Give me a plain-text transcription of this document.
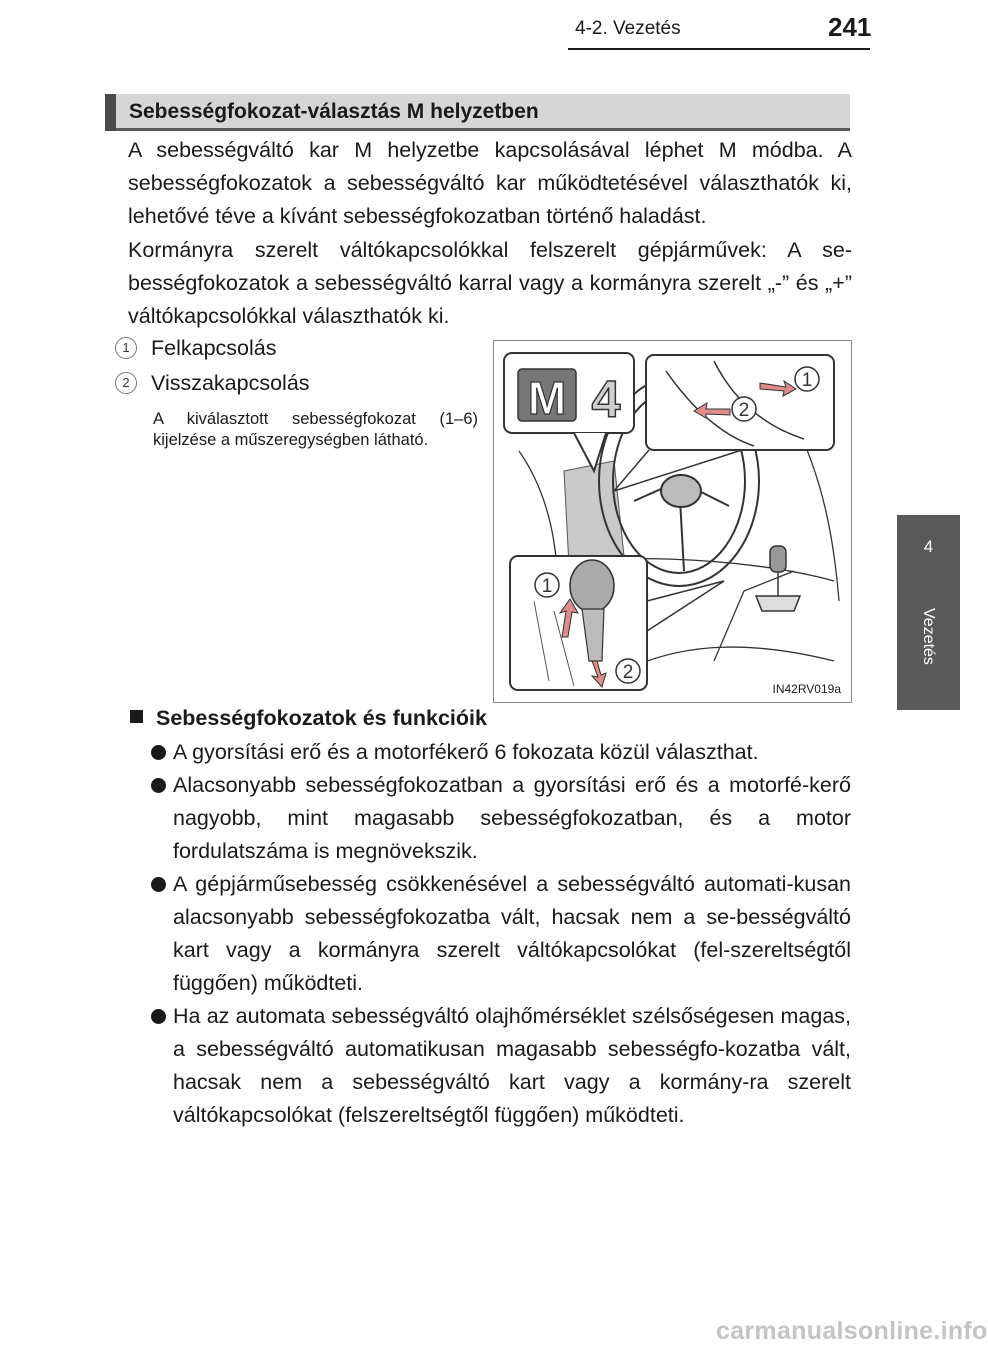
4-2. Vezetés	241
4
Vezetés
Sebességfokozat-választás M helyzetben

A sebességváltó kar M helyzetbe kapcsolásával léphet M módba. A sebességfokozatok a sebességváltó kar működtetésével választhatók ki, lehetővé téve a kívánt sebességfokozatban történő haladást.

Kormányra szerelt váltókapcsolókkal felszerelt gépjárművek: A se-bességfokozatok a sebességváltó karral vagy a kormányra szerelt „-” és „+” váltókapcsolókkal választhatók ki.

1 Felkapcsolás
2 Visszakapcsolás

A kiválasztott sebességfokozat (1–6) kijelzése a műszeregységben látható.

M 4	1
2
1
2
IN42RV019a
Sebességfokozatok és funkcióik

A gyorsítási erő és a motorfékerő 6 fokozata közül választhat.

Alacsonyabb sebességfokozatban a gyorsítási erő és a motorfé-kerő nagyobb, mint magasabb sebességfokozatban, és a motor fordulatszáma is megnövekszik.

A gépjárműsebesség csökkenésével a sebességváltó automati-kusan alacsonyabb sebességfokozatba vált, hacsak nem a se-bességváltó kart vagy a kormányra szerelt váltókapcsolókat (fel-szereltségtől függően) működteti.

Ha az automata sebességváltó olajhőmérséklet szélsőségesen magas, a sebességváltó automatikusan magasabb sebességfo-kozatba vált, hacsak nem a sebességváltó kart vagy a kormány-ra szerelt váltókapcsolókat (felszereltségtől függően) működteti.

carmanualsonline.info
